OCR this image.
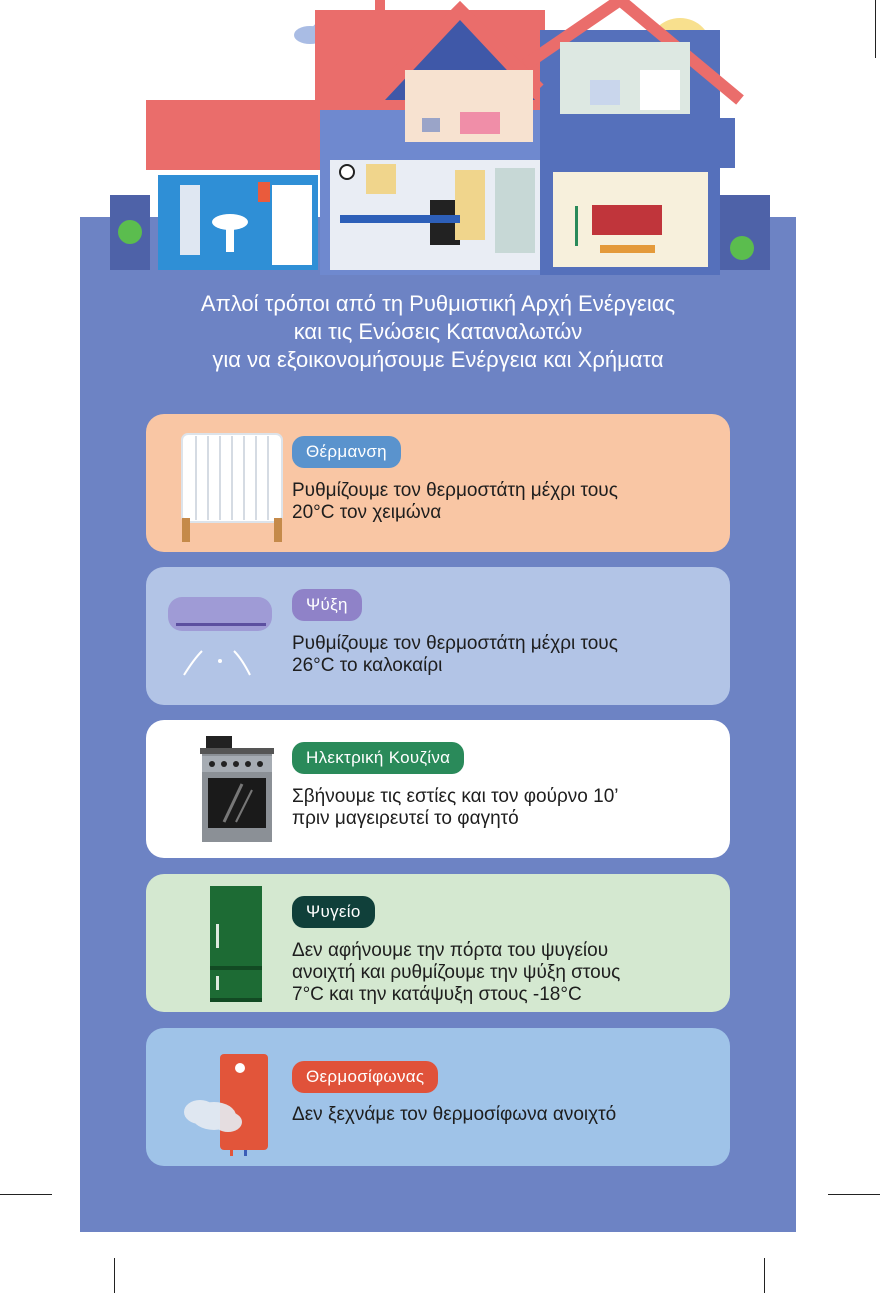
Απλοί τρόποι από τη Ρυθμιστική Αρχή Ενέργειας
και τις Ενώσεις Καταναλωτών
για να εξοικονομήσουμε Ενέργεια και Χρήματα
Θέρμανση
Ρυθμίζουμε τον θερμοστάτη μέχρι τους
20°C τον χειμώνα
Ψύξη
Ρυθμίζουμε τον θερμοστάτη μέχρι τους
26°C το καλοκαίρι
Ηλεκτρική Κουζίνα
Σβήνουμε τις εστίες και τον φούρνο 10’
πριν μαγειρευτεί το φαγητό
Ψυγείο
Δεν αφήνουμε την πόρτα του ψυγείου
ανοιχτή και ρυθμίζουμε την ψύξη στους
7°C και την κατάψυξη στους -18°C
Θερμοσίφωνας
Δεν ξεχνάμε τον θερμοσίφωνα ανοιχτό
